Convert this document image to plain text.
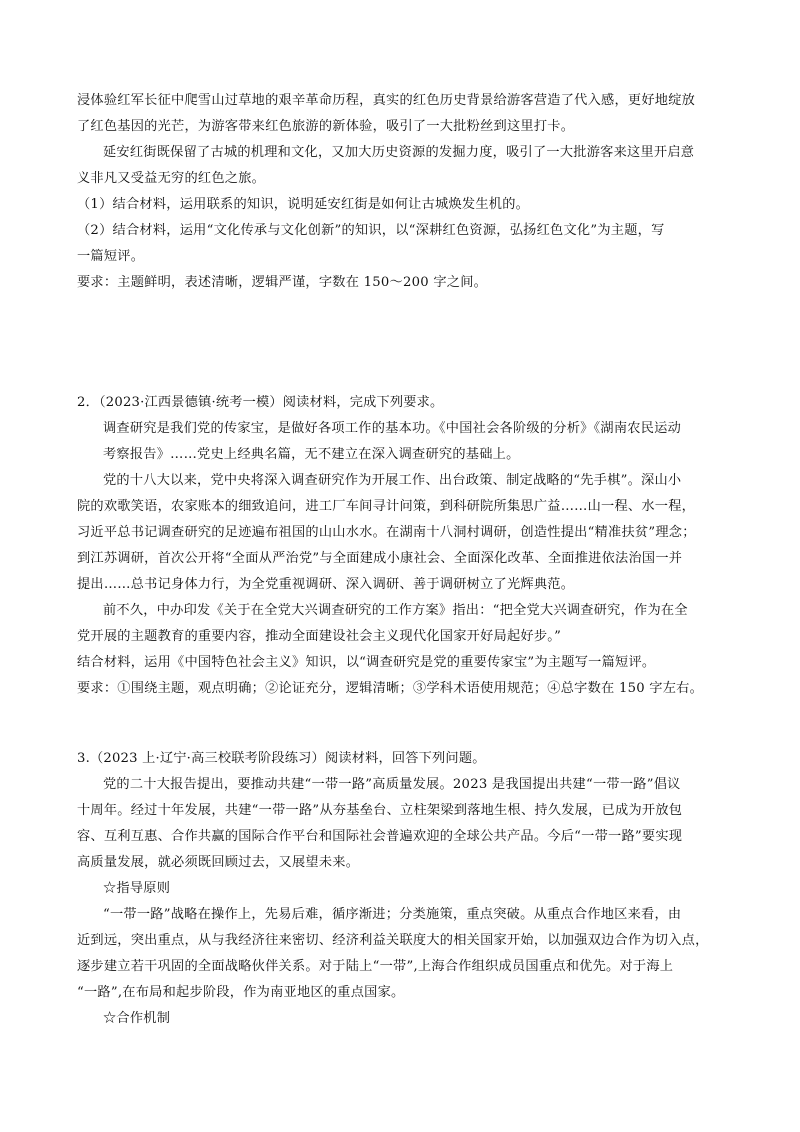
浸体验红军长征中爬雪山过草地的艰辛革命历程，真实的红色历史背景给游客营造了代入感，更好地绽放
了红色基因的光芒，为游客带来红色旅游的新体验，吸引了一大批粉丝到这里打卡。
延安红街既保留了古城的机理和文化，又加大历史资源的发掘力度，吸引了一大批游客来这里开启意
义非凡又受益无穷的红色之旅。
（1）结合材料，运用联系的知识，说明延安红街是如何让古城焕发生机的。
（2）结合材料，运用“文化传承与文化创新”的知识，以“深耕红色资源，弘扬红色文化”为主题，写
一篇短评。
要求：主题鲜明，表述清晰，逻辑严谨，字数在 150～200 字之间。
2．（2023·江西景德镇·统考一模）阅读材料，完成下列要求。
调查研究是我们党的传家宝，是做好各项工作的基本功。《中国社会各阶级的分析》《湖南农民运动
考察报告》……党史上经典名篇，无不建立在深入调查研究的基础上。
党的十八大以来，党中央将深入调查研究作为开展工作、出台政策、制定战略的“先手棋”。深山小
院的欢歌笑语，农家账本的细致追问，进工厂车间寻计问策，到科研院所集思广益……山一程、水一程，
习近平总书记调查研究的足迹遍布祖国的山山水水。在湖南十八洞村调研，创造性提出“精准扶贫”理念；
到江苏调研，首次公开将“全面从严治党”与全面建成小康社会、全面深化改革、全面推进依法治国一并
提出……总书记身体力行，为全党重视调研、深入调研、善于调研树立了光辉典范。
前不久，中办印发《关于在全党大兴调查研究的工作方案》指出：“把全党大兴调查研究，作为在全
党开展的主题教育的重要内容，推动全面建设社会主义现代化国家开好局起好步。”
结合材料，运用《中国特色社会主义》知识，以“调查研究是党的重要传家宝”为主题写一篇短评。
要求：①围绕主题，观点明确；②论证充分，逻辑清晰；③学科术语使用规范；④总字数在 150 字左右。
3.（2023 上·辽宁·高三校联考阶段练习）阅读材料，回答下列问题。
党的二十大报告提出，要推动共建“一带一路”高质量发展。2023 是我国提出共建“一带一路”倡议
十周年。经过十年发展，共建“一带一路”从夯基垒台、立柱架梁到落地生根、持久发展，已成为开放包
容、互利互惠、合作共赢的国际合作平台和国际社会普遍欢迎的全球公共产品。今后“一带一路”要实现
高质量发展，就必须既回顾过去，又展望未来。
☆指导原则
“一带一路”战略在操作上，先易后难，循序渐进；分类施策，重点突破。从重点合作地区来看，由
近到远，突出重点，从与我经济往来密切、经济利益关联度大的相关国家开始，以加强双边合作为切入点，
逐步建立若干巩固的全面战略伙伴关系。对于陆上“一带”,上海合作组织成员国重点和优先。对于海上
“一路”,在布局和起步阶段，作为南亚地区的重点国家。
☆合作机制
